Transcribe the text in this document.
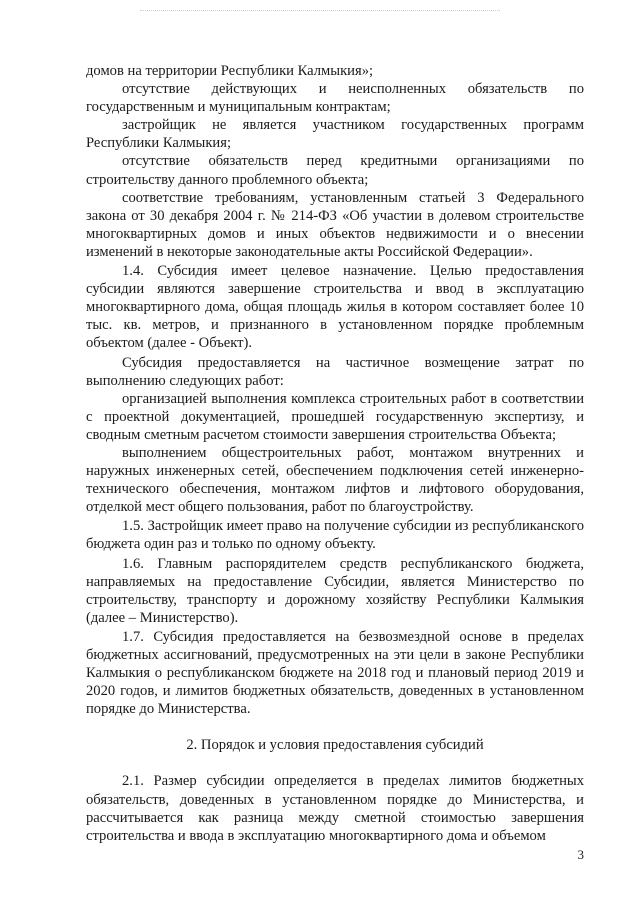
домов на территории Республики Калмыкия»;

отсутствие действующих и неисполненных обязательств по государственным и муниципальным контрактам;

застройщик не является участником государственных программ Республики Калмыкия;

отсутствие обязательств перед кредитными организациями по строительству данного проблемного объекта;

соответствие требованиям, установленным статьей 3 Федерального закона от 30 декабря 2004 г. № 214-ФЗ «Об участии в долевом строительстве многоквартирных домов и иных объектов недвижимости и о внесении изменений в некоторые законодательные акты Российской Федерации».

1.4. Субсидия имеет целевое назначение. Целью предоставления субсидии являются завершение строительства и ввод в эксплуатацию многоквартирного дома, общая площадь жилья в котором составляет более 10 тыс. кв. метров, и признанного в установленном порядке проблемным объектом (далее - Объект).

Субсидия предоставляется на частичное возмещение затрат по выполнению следующих работ:

организацией выполнения комплекса строительных работ в соответствии с проектной документацией, прошедшей государственную экспертизу, и сводным сметным расчетом стоимости завершения строительства Объекта;

выполнением общестроительных работ, монтажом внутренних и наружных инженерных сетей, обеспечением подключения сетей инженерно-технического обеспечения, монтажом лифтов и лифтового оборудования, отделкой мест общего пользования, работ по благоустройству.

1.5. Застройщик имеет право на получение субсидии из республиканского бюджета один раз и только по одному объекту.

1.6. Главным распорядителем средств республиканского бюджета, направляемых на предоставление Субсидии, является Министерство по строительству, транспорту и дорожному хозяйству Республики Калмыкия (далее – Министерство).

1.7. Субсидия предоставляется на безвозмездной основе в пределах бюджетных ассигнований, предусмотренных на эти цели в законе Республики Калмыкия о республиканском бюджете на 2018 год и плановый период 2019 и 2020 годов, и лимитов бюджетных обязательств, доведенных в установленном порядке до Министерства.

2. Порядок и условия предоставления субсидий

2.1. Размер субсидии определяется в пределах лимитов бюджетных обязательств, доведенных в установленном порядке до Министерства, и рассчитывается как разница между сметной стоимостью завершения строительства и ввода в эксплуатацию многоквартирного дома и объемом

3
